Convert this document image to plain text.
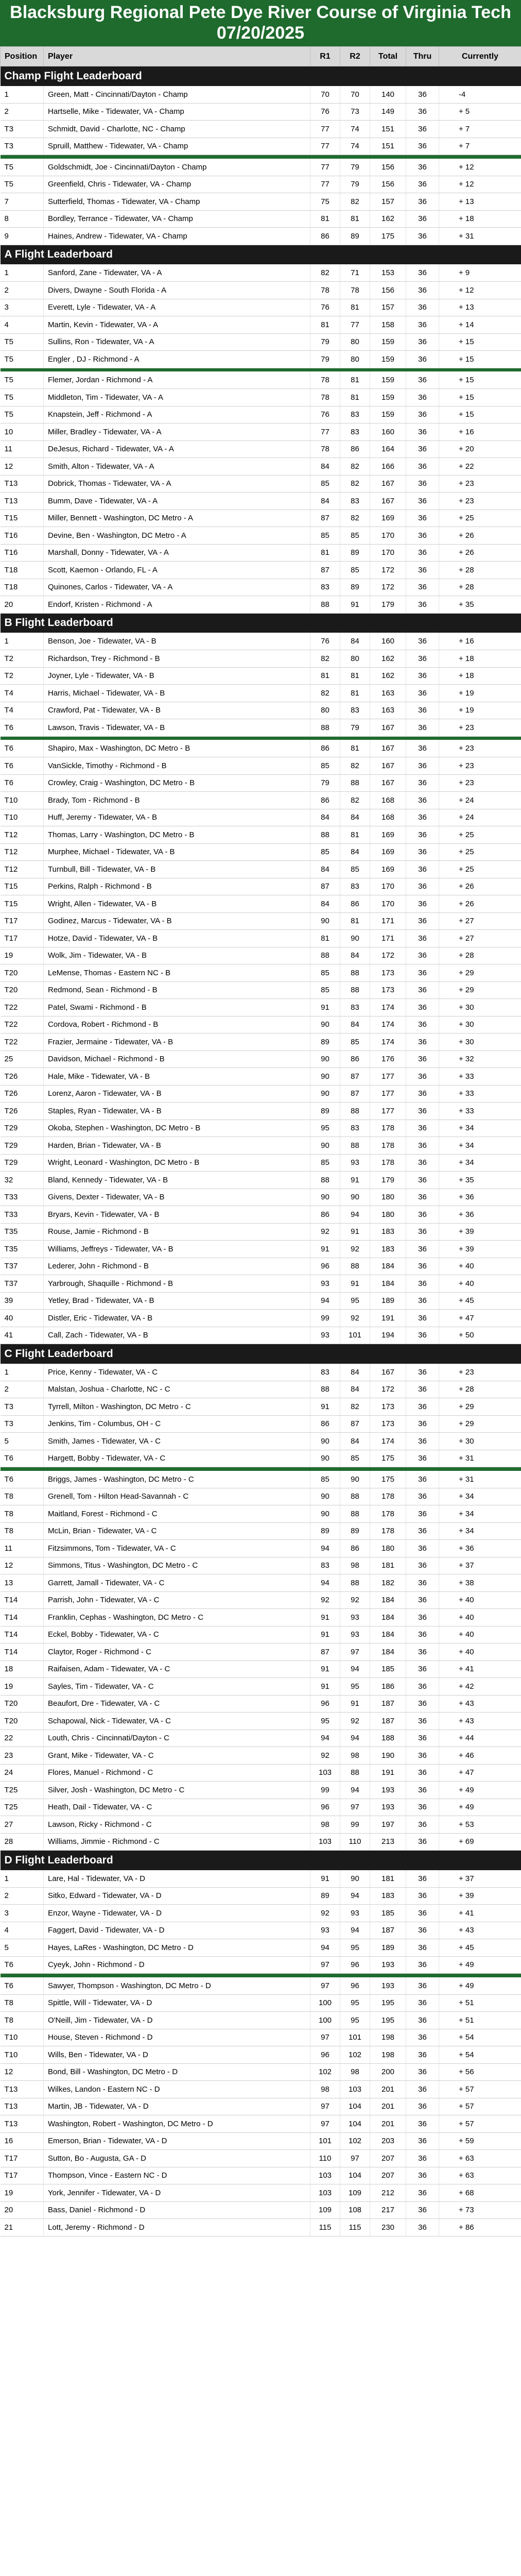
Blacksburg Regional Pete Dye River Course of Virginia Tech
07/20/2025
Position	Player	R1	R2	Total	Thru	Currently
Champ Flight Leaderboard						
1	Green, Matt - Cincinnati/Dayton - Champ	70	70	140	36	-4
2	Hartselle, Mike - Tidewater, VA - Champ	76	73	149	36	+ 5
T3	Schmidt, David - Charlotte, NC - Champ	77	74	151	36	+ 7
T3	Spruill, Matthew - Tidewater, VA - Champ	77	74	151	36	+ 7

T5	Goldschmidt, Joe - Cincinnati/Dayton - Champ	77	79	156	36	+ 12
T5	Greenfield, Chris - Tidewater, VA - Champ	77	79	156	36	+ 12
7	Sutterfield, Thomas - Tidewater, VA - Champ	75	82	157	36	+ 13
8	Bordley, Terrance - Tidewater, VA - Champ	81	81	162	36	+ 18
9	Haines, Andrew - Tidewater, VA - Champ	86	89	175	36	+ 31
A Flight Leaderboard						
1	Sanford, Zane - Tidewater, VA - A	82	71	153	36	+ 9
2	Divers, Dwayne - South Florida - A	78	78	156	36	+ 12
3	Everett, Lyle - Tidewater, VA - A	76	81	157	36	+ 13
4	Martin, Kevin - Tidewater, VA - A	81	77	158	36	+ 14
T5	Sullins, Ron - Tidewater, VA - A	79	80	159	36	+ 15
T5	Engler , DJ - Richmond - A	79	80	159	36	+ 15

T5	Flemer, Jordan - Richmond - A	78	81	159	36	+ 15
T5	Middleton, Tim - Tidewater, VA - A	78	81	159	36	+ 15
T5	Knapstein, Jeff - Richmond - A	76	83	159	36	+ 15
10	Miller, Bradley - Tidewater, VA - A	77	83	160	36	+ 16
11	DeJesus, Richard - Tidewater, VA - A	78	86	164	36	+ 20
12	Smith, Alton - Tidewater, VA - A	84	82	166	36	+ 22
T13	Dobrick, Thomas - Tidewater, VA - A	85	82	167	36	+ 23
T13	Bumm, Dave - Tidewater, VA - A	84	83	167	36	+ 23
T15	Miller, Bennett - Washington, DC Metro - A	87	82	169	36	+ 25
T16	Devine, Ben - Washington, DC Metro - A	85	85	170	36	+ 26
T16	Marshall, Donny - Tidewater, VA - A	81	89	170	36	+ 26
T18	Scott, Kaemon - Orlando, FL - A	87	85	172	36	+ 28
T18	Quinones, Carlos - Tidewater, VA - A	83	89	172	36	+ 28
20	Endorf, Kristen - Richmond - A	88	91	179	36	+ 35
B Flight Leaderboard						
1	Benson, Joe - Tidewater, VA - B	76	84	160	36	+ 16
T2	Richardson, Trey - Richmond - B	82	80	162	36	+ 18
T2	Joyner, Lyle - Tidewater, VA - B	81	81	162	36	+ 18
T4	Harris, Michael - Tidewater, VA - B	82	81	163	36	+ 19
T4	Crawford, Pat - Tidewater, VA - B	80	83	163	36	+ 19
T6	Lawson, Travis - Tidewater, VA - B	88	79	167	36	+ 23

T6	Shapiro, Max - Washington, DC Metro - B	86	81	167	36	+ 23
T6	VanSickle, Timothy - Richmond - B	85	82	167	36	+ 23
T6	Crowley, Craig - Washington, DC Metro - B	79	88	167	36	+ 23
T10	Brady, Tom - Richmond - B	86	82	168	36	+ 24
T10	Huff, Jeremy - Tidewater, VA - B	84	84	168	36	+ 24
T12	Thomas, Larry - Washington, DC Metro - B	88	81	169	36	+ 25
T12	Murphee, Michael - Tidewater, VA - B	85	84	169	36	+ 25
T12	Turnbull, Bill - Tidewater, VA - B	84	85	169	36	+ 25
T15	Perkins, Ralph - Richmond - B	87	83	170	36	+ 26
T15	Wright, Allen - Tidewater, VA - B	84	86	170	36	+ 26
T17	Godinez, Marcus - Tidewater, VA - B	90	81	171	36	+ 27
T17	Hotze, David - Tidewater, VA - B	81	90	171	36	+ 27
19	Wolk, Jim - Tidewater, VA - B	88	84	172	36	+ 28
T20	LeMense, Thomas - Eastern NC - B	85	88	173	36	+ 29
T20	Redmond, Sean - Richmond - B	85	88	173	36	+ 29
T22	Patel, Swami - Richmond - B	91	83	174	36	+ 30
T22	Cordova, Robert - Richmond - B	90	84	174	36	+ 30
T22	Frazier, Jermaine - Tidewater, VA - B	89	85	174	36	+ 30
25	Davidson, Michael - Richmond - B	90	86	176	36	+ 32
T26	Hale, Mike - Tidewater, VA - B	90	87	177	36	+ 33
T26	Lorenz, Aaron - Tidewater, VA - B	90	87	177	36	+ 33
T26	Staples, Ryan - Tidewater, VA - B	89	88	177	36	+ 33
T29	Okoba, Stephen - Washington, DC Metro - B	95	83	178	36	+ 34
T29	Harden, Brian - Tidewater, VA - B	90	88	178	36	+ 34
T29	Wright, Leonard - Washington, DC Metro - B	85	93	178	36	+ 34
32	Bland, Kennedy - Tidewater, VA - B	88	91	179	36	+ 35
T33	Givens, Dexter - Tidewater, VA - B	90	90	180	36	+ 36
T33	Bryars, Kevin - Tidewater, VA - B	86	94	180	36	+ 36
T35	Rouse, Jamie - Richmond - B	92	91	183	36	+ 39
T35	Williams, Jeffreys - Tidewater, VA - B	91	92	183	36	+ 39
T37	Lederer, John - Richmond - B	96	88	184	36	+ 40
T37	Yarbrough, Shaquille - Richmond - B	93	91	184	36	+ 40
39	Yetley, Brad - Tidewater, VA - B	94	95	189	36	+ 45
40	Distler, Eric - Tidewater, VA - B	99	92	191	36	+ 47
41	Call, Zach - Tidewater, VA - B	93	101	194	36	+ 50
C Flight Leaderboard						
1	Price, Kenny - Tidewater, VA - C	83	84	167	36	+ 23
2	Malstan, Joshua - Charlotte, NC - C	88	84	172	36	+ 28
T3	Tyrrell, Milton - Washington, DC Metro - C	91	82	173	36	+ 29
T3	Jenkins, Tim - Columbus, OH - C	86	87	173	36	+ 29
5	Smith, James - Tidewater, VA - C	90	84	174	36	+ 30
T6	Hargett, Bobby - Tidewater, VA - C	90	85	175	36	+ 31

T6	Briggs, James - Washington, DC Metro - C	85	90	175	36	+ 31
T8	Grenell, Tom - Hilton Head-Savannah - C	90	88	178	36	+ 34
T8	Maitland, Forest - Richmond - C	90	88	178	36	+ 34
T8	McLin, Brian - Tidewater, VA - C	89	89	178	36	+ 34
11	Fitzsimmons, Tom - Tidewater, VA - C	94	86	180	36	+ 36
12	Simmons, Titus - Washington, DC Metro - C	83	98	181	36	+ 37
13	Garrett, Jamall - Tidewater, VA - C	94	88	182	36	+ 38
T14	Parrish, John - Tidewater, VA - C	92	92	184	36	+ 40
T14	Franklin, Cephas - Washington, DC Metro - C	91	93	184	36	+ 40
T14	Eckel, Bobby - Tidewater, VA - C	91	93	184	36	+ 40
T14	Claytor, Roger - Richmond - C	87	97	184	36	+ 40
18	Raifaisen, Adam - Tidewater, VA - C	91	94	185	36	+ 41
19	Sayles, Tim - Tidewater, VA - C	91	95	186	36	+ 42
T20	Beaufort, Dre - Tidewater, VA - C	96	91	187	36	+ 43
T20	Schapowal, Nick - Tidewater, VA - C	95	92	187	36	+ 43
22	Louth, Chris - Cincinnati/Dayton - C	94	94	188	36	+ 44
23	Grant, Mike - Tidewater, VA - C	92	98	190	36	+ 46
24	Flores, Manuel - Richmond - C	103	88	191	36	+ 47
T25	Silver, Josh - Washington, DC Metro - C	99	94	193	36	+ 49
T25	Heath, Dail - Tidewater, VA - C	96	97	193	36	+ 49
27	Lawson, Ricky - Richmond - C	98	99	197	36	+ 53
28	Williams, Jimmie - Richmond - C	103	110	213	36	+ 69
D Flight Leaderboard						
1	Lare, Hal - Tidewater, VA - D	91	90	181	36	+ 37
2	Sitko, Edward - Tidewater, VA - D	89	94	183	36	+ 39
3	Enzor, Wayne - Tidewater, VA - D	92	93	185	36	+ 41
4	Faggert, David - Tidewater, VA - D	93	94	187	36	+ 43
5	Hayes, LaRes - Washington, DC Metro - D	94	95	189	36	+ 45
T6	Cyeyk, John - Richmond - D	97	96	193	36	+ 49

T6	Sawyer, Thompson - Washington, DC Metro - D	97	96	193	36	+ 49
T8	Spittle, Will - Tidewater, VA - D	100	95	195	36	+ 51
T8	O'Neill, Jim - Tidewater, VA - D	100	95	195	36	+ 51
T10	House, Steven - Richmond - D	97	101	198	36	+ 54
T10	Wills, Ben - Tidewater, VA - D	96	102	198	36	+ 54
12	Bond, Bill - Washington, DC Metro - D	102	98	200	36	+ 56
T13	Wilkes, Landon - Eastern NC - D	98	103	201	36	+ 57
T13	Martin, JB - Tidewater, VA - D	97	104	201	36	+ 57
T13	Washington, Robert - Washington, DC Metro - D	97	104	201	36	+ 57
16	Emerson, Brian - Tidewater, VA - D	101	102	203	36	+ 59
T17	Sutton, Bo - Augusta, GA - D	110	97	207	36	+ 63
T17	Thompson, Vince - Eastern NC - D	103	104	207	36	+ 63
19	York, Jennifer - Tidewater, VA - D	103	109	212	36	+ 68
20	Bass, Daniel - Richmond - D	109	108	217	36	+ 73
21	Lott, Jeremy - Richmond - D	115	115	230	36	+ 86
